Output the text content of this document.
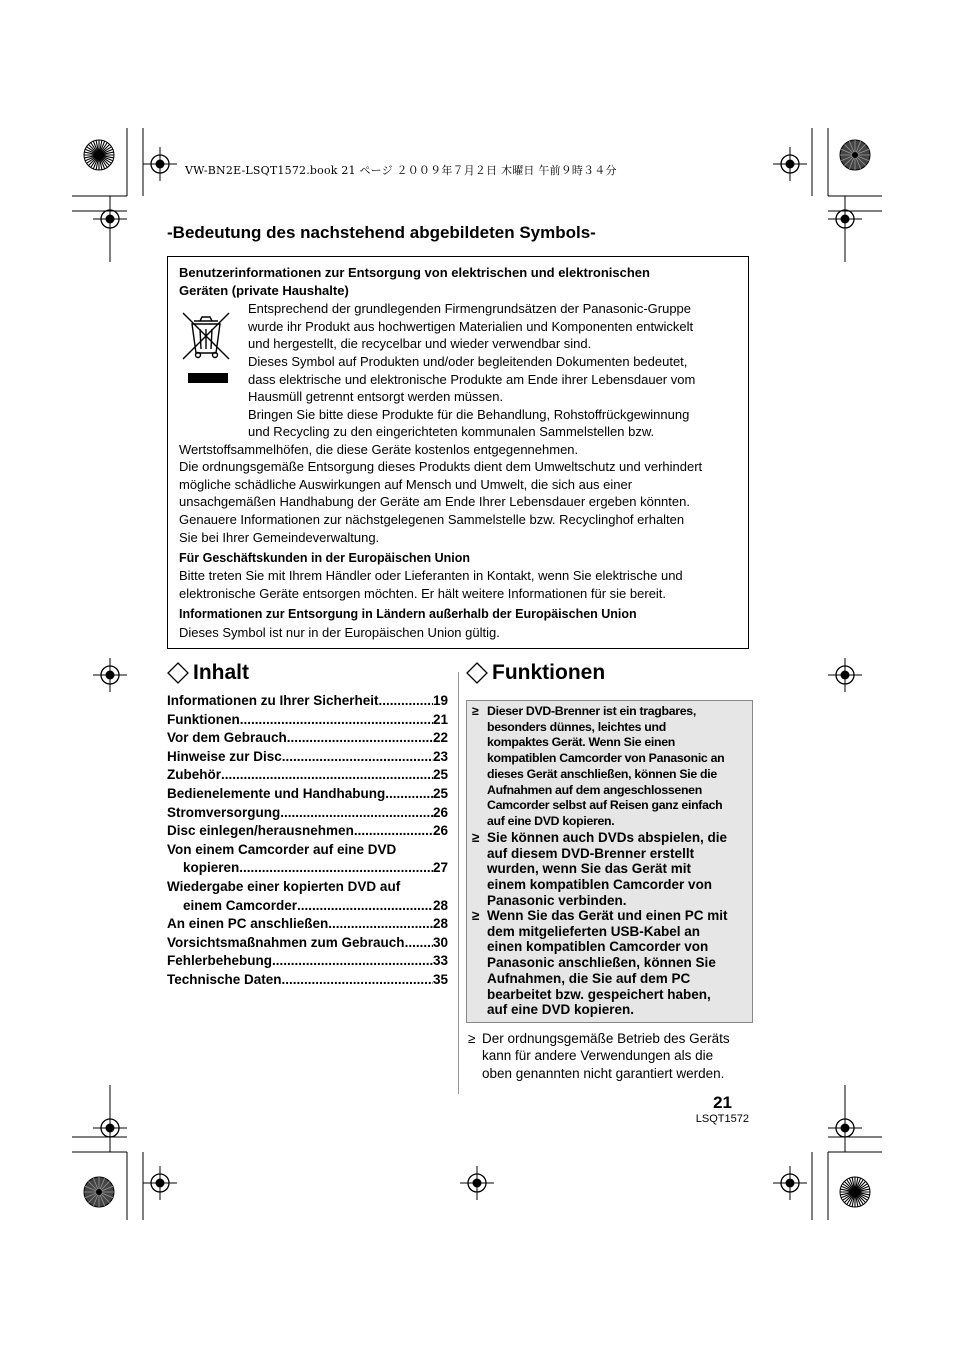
VW-BN2E-LSQT1572.book 21 ページ ２００９年７月２日 木曜日 午前９時３４分
-Bedeutung des nachstehend abgebildeten Symbols-
Benutzerinformationen zur Entsorgung von elektrischen und elektronischen
Geräten (private Haushalte)
Entsprechend der grundlegenden Firmengrundsätzen der Panasonic-Gruppe
wurde ihr Produkt aus hochwertigen Materialien und Komponenten entwickelt
und hergestellt, die recycelbar und wieder verwendbar sind.
Dieses Symbol auf Produkten und/oder begleitenden Dokumenten bedeutet,
dass elektrische und elektronische Produkte am Ende ihrer Lebensdauer vom
Hausmüll getrennt entsorgt werden müssen.
Bringen Sie bitte diese Produkte für die Behandlung, Rohstoffrückgewinnung
und Recycling zu den eingerichteten kommunalen Sammelstellen bzw.
Wertstoffsammelhöfen, die diese Geräte kostenlos entgegennehmen.
Die ordnungsgemäße Entsorgung dieses Produkts dient dem Umweltschutz und verhindert
mögliche schädliche Auswirkungen auf Mensch und Umwelt, die sich aus einer
unsachgemäßen Handhabung der Geräte am Ende Ihrer Lebensdauer ergeben könnten.
Genauere Informationen zur nächstgelegenen Sammelstelle bzw. Recyclinghof erhalten
Sie bei Ihrer Gemeindeverwaltung.
Für Geschäftskunden in der Europäischen Union
Bitte treten Sie mit Ihrem Händler oder Lieferanten in Kontakt, wenn Sie elektrische und
elektronische Geräte entsorgen möchten. Er hält weitere Informationen für sie bereit.
Informationen zur Entsorgung in Ländern außerhalb der Europäischen Union
Dieses Symbol ist nur in der Europäischen Union gültig.
Inhalt
Informationen zu Ihrer Sicherheit .....	19
Funktionen .....	21
Vor dem Gebrauch .....	22
Hinweise zur Disc .....	23
Zubehör .....	25
Bedienelemente und Handhabung .....	25
Stromversorgung .....	26
Disc einlegen/herausnehmen .....	26
Von einem Camcorder auf eine DVD
kopieren .....	27
Wiedergabe einer kopierten DVD auf
einem Camcorder .....	28
An einen PC anschließen .....	28
Vorsichtsmaßnahmen zum Gebrauch ..... 30
Fehlerbehebung .....	33
Technische Daten .....	35
Funktionen
≥ Dieser DVD-Brenner ist ein tragbares,
besonders dünnes, leichtes und
kompaktes Gerät. Wenn Sie einen
kompatiblen Camcorder von Panasonic an
dieses Gerät anschließen, können Sie die
Aufnahmen auf dem angeschlossenen
Camcorder selbst auf Reisen ganz einfach
auf eine DVD kopieren.
≥ Sie können auch DVDs abspielen, die
auf diesem DVD-Brenner erstellt
wurden, wenn Sie das Gerät mit
einem kompatiblen Camcorder von
Panasonic verbinden.
≥ Wenn Sie das Gerät und einen PC mit
dem mitgelieferten USB-Kabel an
einen kompatiblen Camcorder von
Panasonic anschließen, können Sie
Aufnahmen, die Sie auf dem PC
bearbeitet bzw. gespeichert haben,
auf eine DVD kopieren.
≥ Der ordnungsgemäße Betrieb des Geräts
kann für andere Verwendungen als die
oben genannten nicht garantiert werden.
21
LSQT1572
